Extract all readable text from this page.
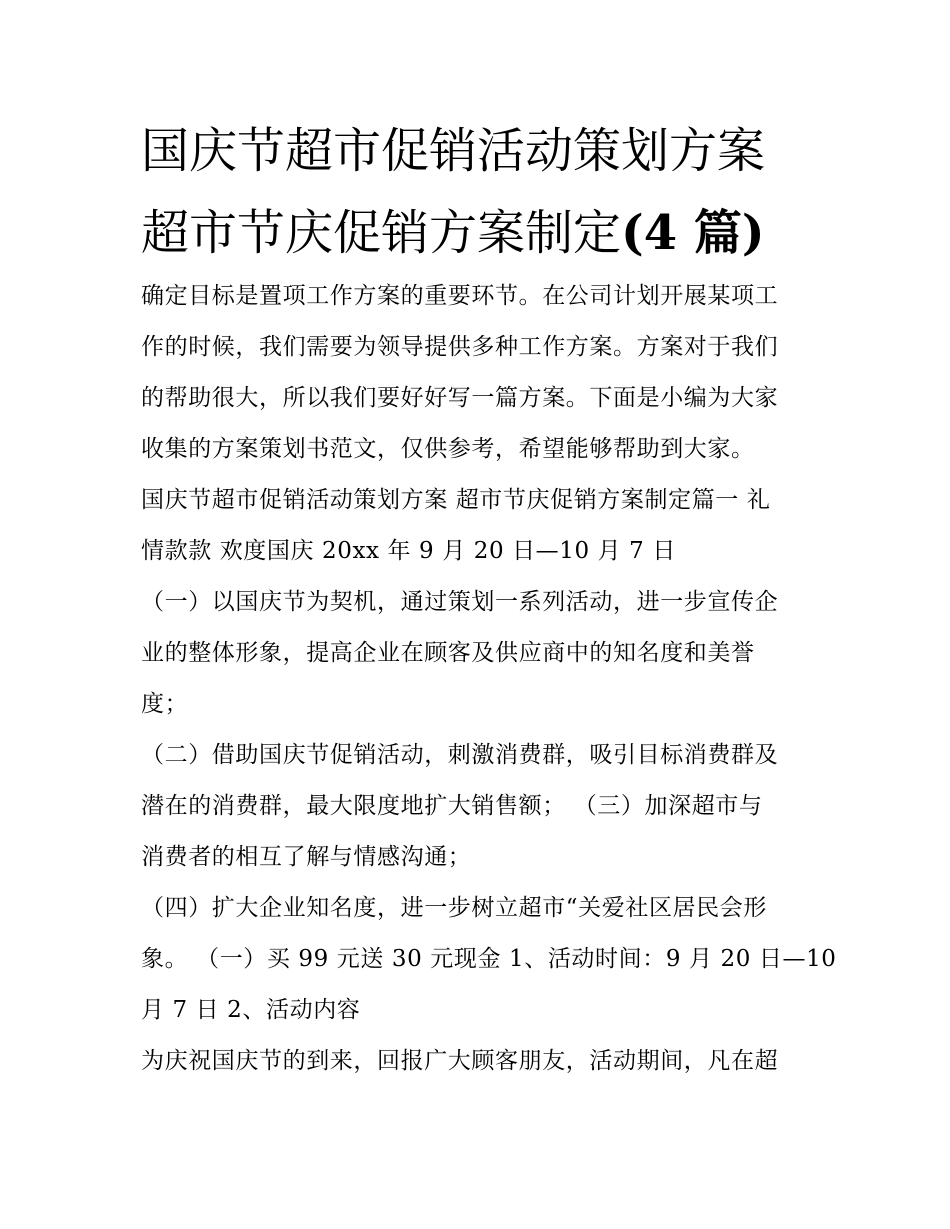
国庆节超市促销活动策划方案
超市节庆促销方案制定(4 篇)
确定目标是置项工作方案的重要环节。在公司计划开展某项工
作的时候，我们需要为领导提供多种工作方案。方案对于我们
的帮助很大，所以我们要好好写一篇方案。下面是小编为大家
收集的方案策划书范文，仅供参考，希望能够帮助到大家。
国庆节超市促销活动策划方案 超市节庆促销方案制定篇一 礼
情款款 欢度国庆 20xx 年 9 月 20 日—10 月 7 日
（一）以国庆节为契机，通过策划一系列活动，进一步宣传企
业的整体形象，提高企业在顾客及供应商中的知名度和美誉
度；
（二）借助国庆节促销活动，刺激消费群，吸引目标消费群及
潜在的消费群，最大限度地扩大销售额； （三）加深超市与
消费者的相互了解与情感沟通；
（四）扩大企业知名度，进一步树立超市“关爱社区居民会形
象。 （一）买 99 元送 30 元现金 1、活动时间：9 月 20 日—10
月 7 日 2、活动内容
为庆祝国庆节的到来，回报广大顾客朋友，活动期间，凡在超
